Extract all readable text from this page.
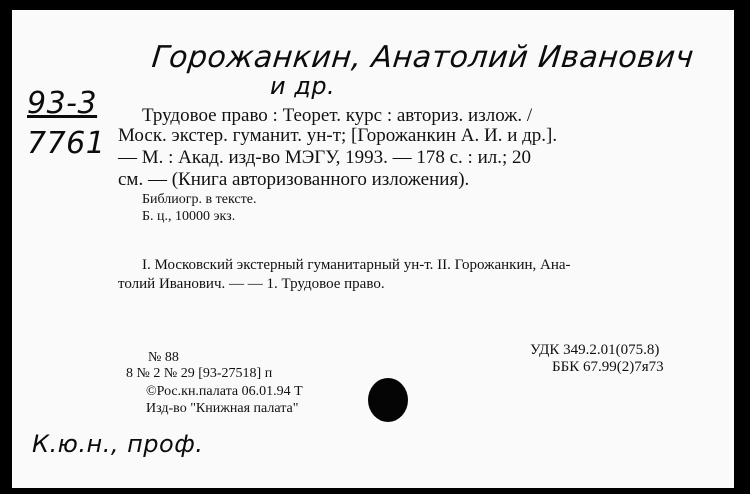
Горожанкин, Анатолий Иванович
и др.
93-3
7761
Трудовое право : Теорет. курс : авториз. излож. /
Моск. экстер. гуманит. ун-т; [Горожанкин А. И. и др.].
— М. : Акад. изд-во МЭГУ, 1993. — 178 с. : ил.; 20
см. — (Книга авторизованного изложения).
Библиогр. в тексте.
Б. ц., 10000 экз.
I. Московский экстерный гуманитарный ун-т. II. Горожанкин, Ана-
толий Иванович. — — 1. Трудовое право.
№ 88
8 № 2 № 29 [93-27518] п
©Рос.кн.палата 06.01.94 Т
Изд-во "Книжная палата"
УДК 349.2.01(075.8)
ББК 67.99(2)7я73
К.ю.н., проф.
